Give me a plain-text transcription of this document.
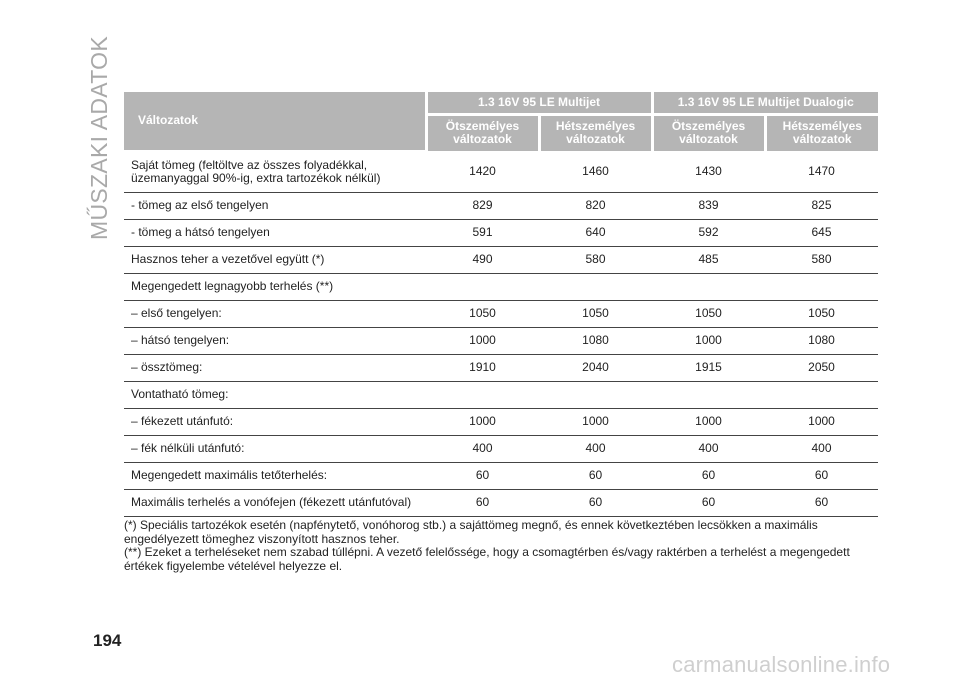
MŰSZAKI ADATOK Változatok	1.3 16V 95 LE Multijet		1.3 16V 95 LE Multijet Dualogic	
	Ötszemélyes változatok	Hétszemélyes változatok	Ötszemélyes változatok	Hétszemélyes változatok
Saját tömeg (feltöltve az összes folyadékkal, üzemanyaggal 90%-ig, extra tartozékok nélkül)	1420	1460	1430	1470
- tömeg az első tengelyen	829	820	839	825
- tömeg a hátsó tengelyen	591	640	592	645
Hasznos teher a vezetővel együtt (*)	490	580	485	580
Megengedett legnagyobb terhelés (**)				
– első tengelyen:	1050	1050	1050	1050
– hátsó tengelyen:	1000	1080	1000	1080
– össztömeg:	1910	2040	1915	2050
Vontatható tömeg:				
– fékezett utánfutó:	1000	1000	1000	1000
– fék nélküli utánfutó:	400	400	400	400
Megengedett maximális tetőterhelés:	60	60	60	60
Maximális terhelés a vonófejen (fékezett utánfutóval)	60	60	60	60

(*) Speciális tartozékok esetén (napfénytető, vonóhorog stb.) a sajáttömeg megnő, és ennek következtében lecsökken a maximális engedélyezett tömeghez viszonyított hasznos teher.

(**) Ezeket a terheléseket nem szabad túllépni. A vezető felelőssége, hogy a csomagtérben és/vagy raktérben a terhelést a megengedett értékek figyelembe vételével helyezze el.

194
carmanualsonline.info
